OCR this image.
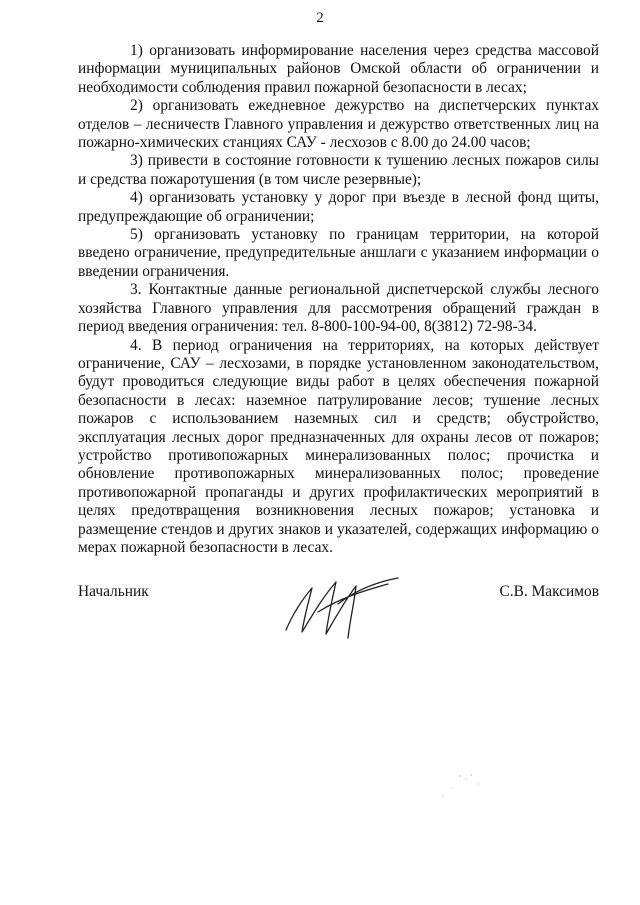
2

1) организовать информирование населения через средства массовой информации муниципальных районов Омской области об ограничении и необходимости соблюдения правил пожарной безопасности в лесах;

2) организовать ежедневное дежурство на диспетчерских пунктах отделов – лесничеств Главного управления и дежурство ответственных лиц на пожарно-химических станциях САУ - лесхозов с 8.00 до 24.00 часов;

3) привести в состояние готовности к тушению лесных пожаров силы и средства пожаротушения (в том числе резервные);

4) организовать установку у дорог при въезде в лесной фонд щиты, предупреждающие об ограничении;

5) организовать установку по границам территории, на которой введено ограничение, предупредительные аншлаги с указанием информации о введении ограничения.

3. Контактные данные региональной диспетчерской службы лесного хозяйства Главного управления для рассмотрения обращений граждан в период введения ограничения: тел. 8-800-100-94-00, 8(3812) 72-98-34.

4. В период ограничения на территориях, на которых действует ограничение, САУ – лесхозами, в порядке установленном законодательством, будут проводиться следующие виды работ в целях обеспечения пожарной безопасности в лесах: наземное патрулирование лесов; тушение лесных пожаров с использованием наземных сил и средств; обустройство, эксплуатация лесных дорог предназначенных для охраны лесов от пожаров; устройство противопожарных минерализованных полос; прочистка и обновление противопожарных минерализованных полос; проведение противопожарной пропаганды и других профилактических мероприятий в целях предотвращения возникновения лесных пожаров; установка и размещение стендов и других знаков и указателей, содержащих информацию о мерах пожарной безопасности в лесах.

Начальник	С.В. Максимов
